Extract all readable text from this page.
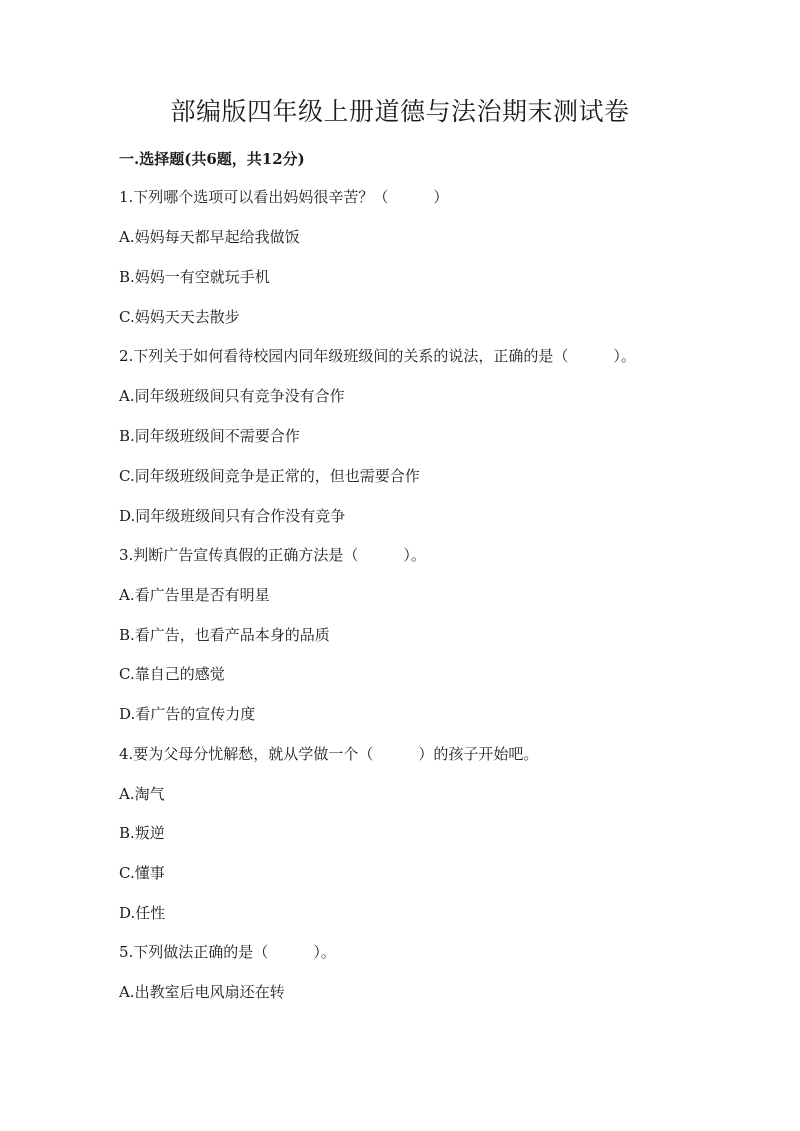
部编版四年级上册道德与法治期末测试卷

一.选择题(共6题，共12分)

1.下列哪个选项可以看出妈妈很辛苦？（　　　）

A.妈妈每天都早起给我做饭

B.妈妈一有空就玩手机

C.妈妈天天去散步

2.下列关于如何看待校园内同年级班级间的关系的说法，正确的是（　　　）。

A.同年级班级间只有竞争没有合作

B.同年级班级间不需要合作

C.同年级班级间竞争是正常的，但也需要合作

D.同年级班级间只有合作没有竞争

3.判断广告宣传真假的正确方法是（　　　）。

A.看广告里是否有明星

B.看广告，也看产品本身的品质

C.靠自己的感觉

D.看广告的宣传力度

4.要为父母分忧解愁，就从学做一个（　　　）的孩子开始吧。

A.淘气

B.叛逆

C.懂事

D.任性

5.下列做法正确的是（　　　）。

A.出教室后电风扇还在转
